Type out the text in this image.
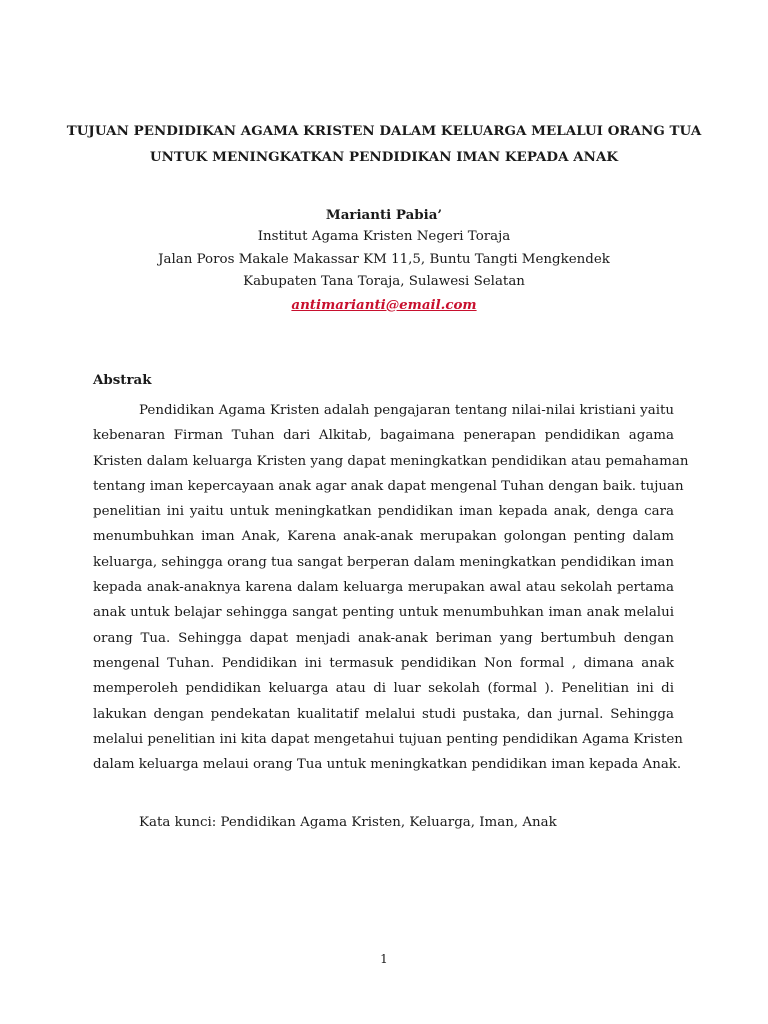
TUJUAN PENDIDIKAN AGAMA KRISTEN DALAM KELUARGA MELALUI ORANG TUA
UNTUK MENINGKATKAN PENDIDIKAN IMAN KEPADA ANAK
Marianti Pabia’
Institut Agama Kristen Negeri Toraja
Jalan Poros Makale Makassar KM 11,5, Buntu Tangti Mengkendek
Kabupaten Tana Toraja, Sulawesi Selatan
antimarianti@email.com
Abstrak
Pendidikan Agama Kristen adalah pengajaran tentang nilai-nilai kristiani yaitu
kebenaran Firman Tuhan dari Alkitab, bagaimana penerapan pendidikan agama
Kristen dalam keluarga Kristen yang dapat meningkatkan pendidikan atau pemahaman
tentang iman kepercayaan anak agar anak dapat mengenal Tuhan dengan baik. tujuan
penelitian ini yaitu untuk meningkatkan pendidikan iman kepada anak, denga cara
menumbuhkan iman Anak, Karena anak-anak merupakan golongan penting dalam
keluarga, sehingga orang tua sangat berperan dalam meningkatkan pendidikan iman
kepada anak-anaknya karena dalam keluarga merupakan awal atau sekolah pertama
anak untuk belajar sehingga sangat penting untuk menumbuhkan iman anak melalui
orang Tua. Sehingga dapat menjadi anak-anak beriman yang bertumbuh dengan
mengenal Tuhan. Pendidikan ini termasuk pendidikan Non formal , dimana anak
memperoleh pendidikan keluarga atau di luar sekolah (formal ). Penelitian ini di
lakukan dengan pendekatan kualitatif melalui studi pustaka, dan jurnal. Sehingga
melalui penelitian ini kita dapat mengetahui tujuan penting pendidikan Agama Kristen
dalam keluarga melaui orang Tua untuk meningkatkan pendidikan iman kepada Anak.
Kata kunci: Pendidikan Agama Kristen, Keluarga, Iman, Anak
1
